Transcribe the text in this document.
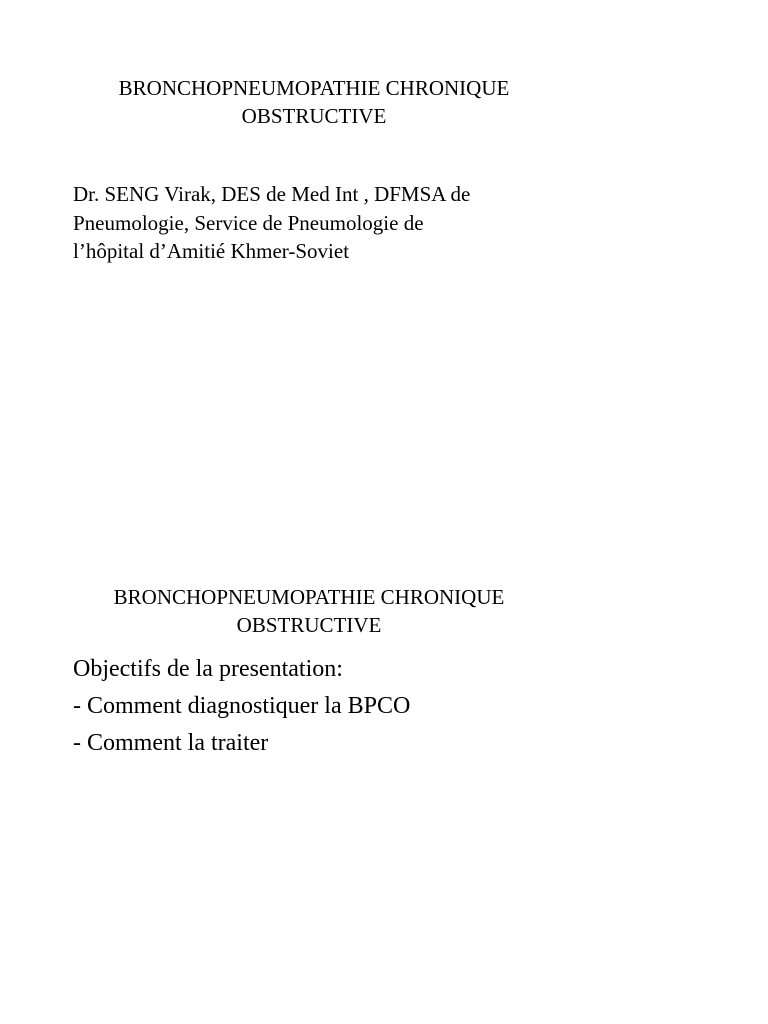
BRONCHOPNEUMOPATHIE CHRONIQUE
OBSTRUCTIVE

Dr. SENG Virak, DES de Med Int , DFMSA de
Pneumologie, Service de Pneumologie de
l’hôpital d’Amitié Khmer-Soviet

BRONCHOPNEUMOPATHIE CHRONIQUE
OBSTRUCTIVE
Objectifs de la presentation:
- Comment diagnostiquer la BPCO
- Comment la traiter
